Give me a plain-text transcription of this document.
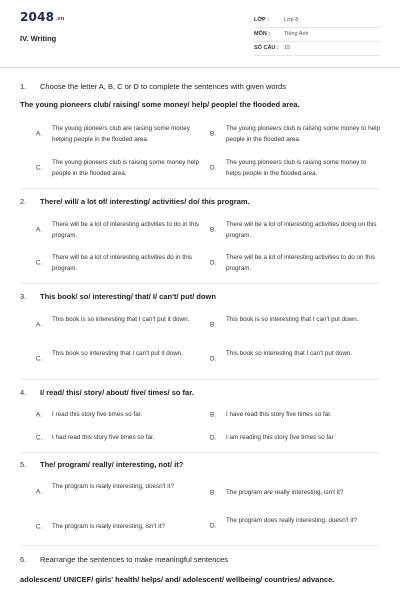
2048.vn
IV. Writing
LỚP :	Lớp 8
MÔN :	Tiếng Anh
SỐ CÂU : 15
1. Choose the letter A, B, C or D to complete the sentences with given words
The young pioneers club/ raising/ some money/ help/ people/ the flooded area.
A.
The young pioneers club are raising some money helping people in the flooded area.
B.
The young pioneers club is raising some money to help people in the flooded area.
C.
The young pioneers club is raising some money help people in the flooded area.
D.
The young pioneers club is raising some money to helps people in the flooded area.
2. There/ will/ a lot of/ interesting/ activities/ do/ this program.
A.
There will be a lot of interesting activities to do in this program.
B.
There will be a lot of interesting activities doing on this program.
C.
There will be a lot of interesting activities do in this program.
D.
There will be a lot of interesting activities to do on this program.
3. This book/ so/ interesting/ that/ I/ can't/ put/ down
A.
This book is so interesting that I can't put it down.
B.
This book is so interesting that I can't put down.
C.
This book so interesting that I can't put it down.
D.
This book so interesting that I can't put down.
4. I/ read/ this/ story/ about/ five/ times/ so far.
A. I read this story five times so far.	B. I have read this story five times so far.
C. I had read this story five times so far.	D. I am reading this story five times so far
5. The/ program/ really/ interesting, not/ it?
A.
The program is really interesting, doesn't it?
B. The program are really interesting, isn't it?
C. The program is really interesting, isn't it?	D.
The program does really interesting, doesn't it?
6. Rearrange the sentences to make meaningful sentences
adolescent/ UNICEF/ girls' health/ helps/ and/ adolescent/ wellbeing/ countries/ advance.
